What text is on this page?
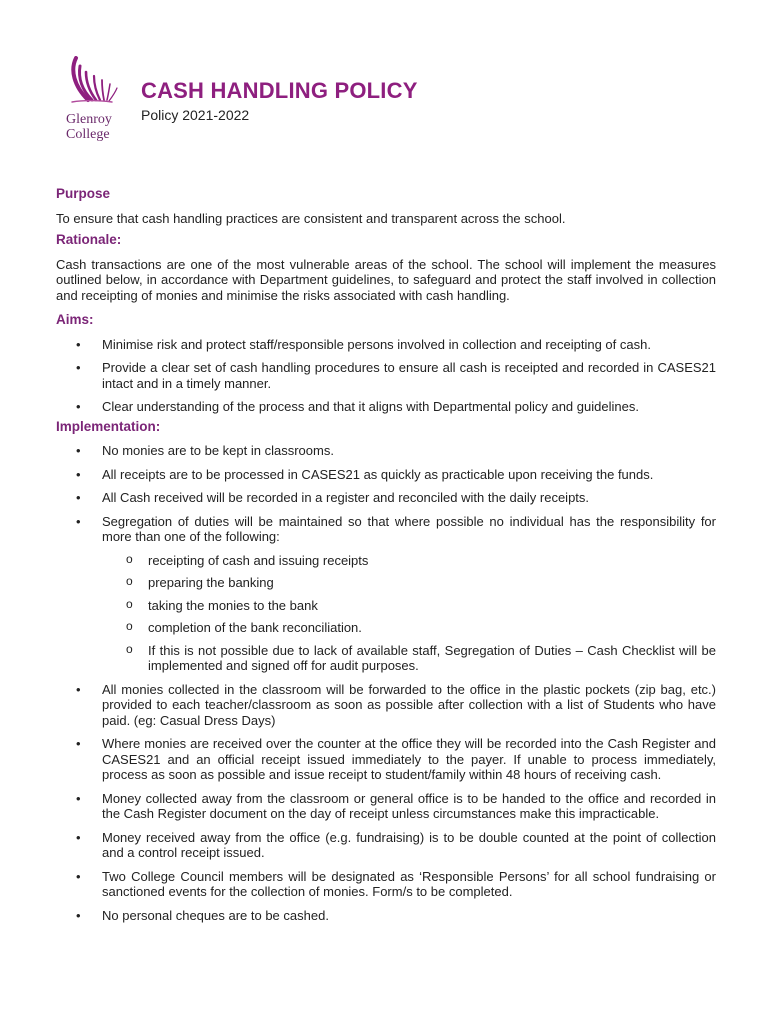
Glenroy
College
CASH HANDLING POLICY
Policy 2021-2022
Purpose

To ensure that cash handling practices are consistent and transparent across the school.

Rationale:

Cash transactions are one of the most vulnerable areas of the school. The school will implement the measures outlined below, in accordance with Department guidelines, to safeguard and protect the staff involved in collection and receipting of monies and minimise the risks associated with cash handling.

Aims:
• Minimise risk and protect staff/responsible persons involved in collection and receipting of cash.
• Provide a clear set of cash handling procedures to ensure all cash is receipted and recorded in CASES21 intact and in a timely manner.
• Clear understanding of the process and that it aligns with Departmental policy and guidelines.
Implementation:
• No monies are to be kept in classrooms.
• All receipts are to be processed in CASES21 as quickly as practicable upon receiving the funds.
• All Cash received will be recorded in a register and reconciled with the daily receipts.
• Segregation of duties will be maintained so that where possible no individual has the responsibility for more than one of the following:
o receipting of cash and issuing receipts
o preparing the banking
o taking the monies to the bank
o completion of the bank reconciliation.
o If this is not possible due to lack of available staff, Segregation of Duties – Cash Checklist will be implemented and signed off for audit purposes.
• All monies collected in the classroom will be forwarded to the office in the plastic pockets (zip bag, etc.) provided to each teacher/classroom as soon as possible after collection with a list of Students who have paid. (eg: Casual Dress Days)
• Where monies are received over the counter at the office they will be recorded into the Cash Register and CASES21 and an official receipt issued immediately to the payer. If unable to process immediately, process as soon as possible and issue receipt to student/family within 48 hours of receiving cash.
• Money collected away from the classroom or general office is to be handed to the office and recorded in the Cash Register document on the day of receipt unless circumstances make this impracticable.
• Money received away from the office (e.g. fundraising) is to be double counted at the point of collection and a control receipt issued.
• Two College Council members will be designated as ‘Responsible Persons’ for all school fundraising or sanctioned events for the collection of monies. Form/s to be completed.
• No personal cheques are to be cashed.
